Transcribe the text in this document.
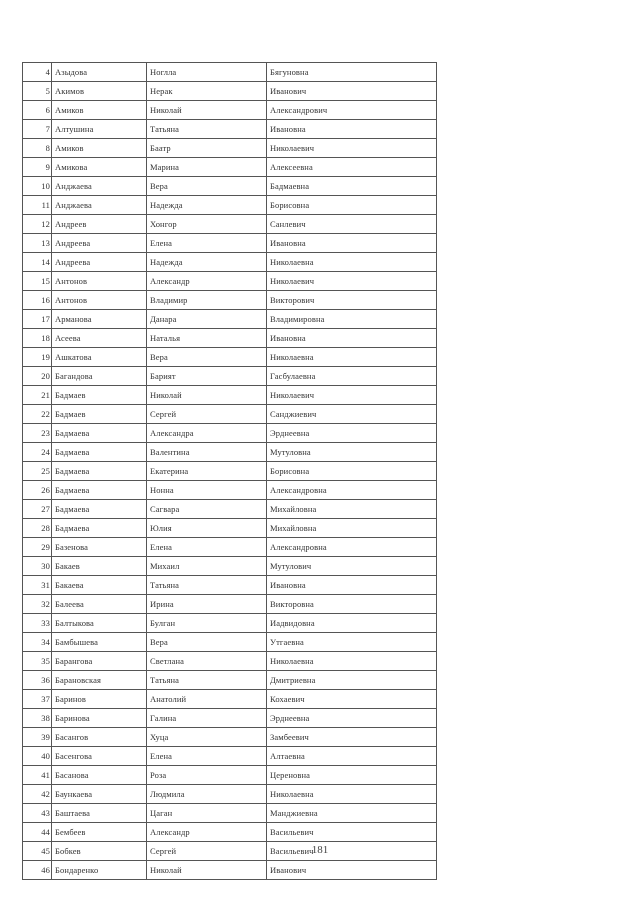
4	Азыдова	Ноглла	Бягуновна
5	Акимов	Нерак	Иванович
6	Амиков	Николай	Александрович
7	Алтушина	Татьяна	Ивановна
8	Амиков	Баатр	Николаевич
9	Амикова	Марина	Алексеевна
10	Анджаева	Вера	Бадмаевна
11	Анджаева	Надежда	Борисовна
12	Андреев	Хонгор	Санлевич
13	Андреева	Елена	Ивановна
14	Андреева	Надежда	Николаевна
15	Антонов	Александр	Николаевич
16	Антонов	Владимир	Викторович
17	Арманова	Данара	Владимировна
18	Асеева	Наталья	Ивановна
19	Ашкатова	Вера	Николаевна
20	Багандова	Барият	Гасбулаевна
21	Бадмаев	Николай	Николаевич
22	Бадмаев	Сергей	Санджиевич
23	Бадмаева	Александра	Эрднеевна
24	Бадмаева	Валентина	Мутуловна
25	Бадмаева	Екатерина	Борисовна
26	Бадмаева	Нонна	Александровна
27	Бадмаева	Сагвара	Михайловна
28	Бадмаева	Юлия	Михайловна
29	Базенова	Елена	Александровна
30	Бакаев	Михаил	Мутулович
31	Бакаева	Татьяна	Ивановна
32	Балеева	Ирина	Викторовна
33	Балтыкова	Булган	Иадвидовна
34	Бамбышева	Вера	Утгаевна
35	Барангова	Светлана	Николаевна
36	Барановская	Татьяна	Дмитриевна
37	Баринов	Анатолий	Кохаевич
38	Баринова	Галина	Эрднеевна
39	Басангов	Хуца	Замбеевич
40	Басенгова	Елена	Алтаевна
41	Басанова	Роза	Цереновна
42	Баункаева	Людмила	Николаевна
43	Баштаева	Цаган	Манджиевна
44	Бембеев	Александр	Васильевич
45	Бобкев	Сергей	Васильевич
46	Бондаренко	Николай	Иванович
181
